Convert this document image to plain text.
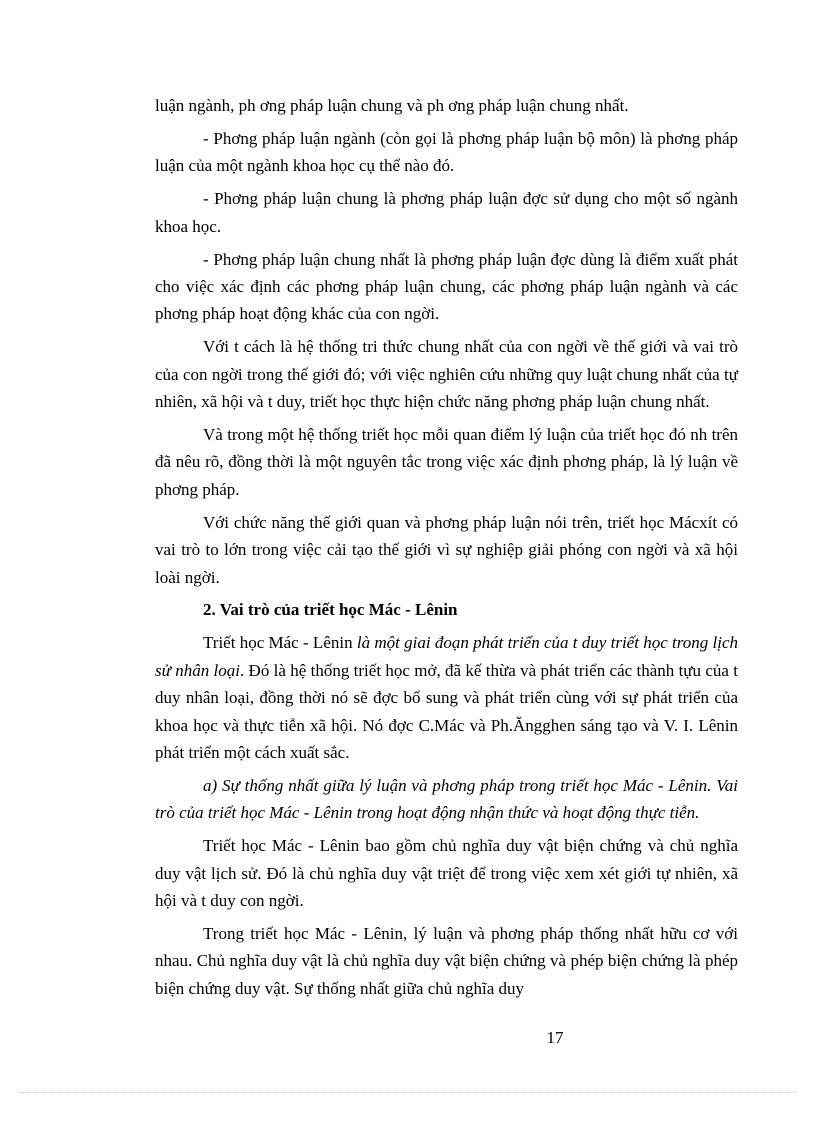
luận ngành, ph ơng pháp luận chung và ph ơng pháp luận chung nhất.

- Phơng pháp luận ngành (còn gọi là phơng pháp luận bộ môn) là phơng pháp luận của một ngành khoa học cụ thể nào đó.

- Phơng pháp luận chung là phơng pháp luận đợc sử dụng cho một số ngành khoa học.

- Phơng pháp luận chung nhất là phơng pháp luận đợc dùng là điểm xuất phát cho việc xác định các phơng pháp luận chung, các phơng pháp luận ngành và các phơng pháp hoạt động khác của con ngời.

Với t cách là hệ thống tri thức chung nhất của con ngời về thế giới và vai trò của con ngời trong thế giới đó; với việc nghiên cứu những quy luật chung nhất của tự nhiên, xã hội và t duy, triết học thực hiện chức năng phơng pháp luận chung nhất.

Và trong một hệ thống triết học mỗi quan điểm lý luận của triết học đó nh trên đã nêu rõ, đồng thời là một nguyên tắc trong việc xác định phơng pháp, là lý luận về phơng pháp.

Với chức năng thế giới quan và phơng pháp luận nói trên, triết học Mácxít có vai trò to lớn trong việc cải tạo thế giới vì sự nghiệp giải phóng con ngời và xã hội loài ngời.

2. Vai trò của triết học Mác - Lênin

Triết học Mác - Lênin là một giai đoạn phát triển của t duy triết học trong lịch sử nhân loại. Đó là hệ thống triết học mở, đã kế thừa và phát triển các thành tựu của t duy nhân loại, đồng thời nó sẽ đợc bổ sung và phát triển cùng với sự phát triển của khoa học và thực tiễn xã hội. Nó đợc C.Mác và Ph.Ăngghen sáng tạo và V. I. Lênin phát triển một cách xuất sắc.

a) Sự thống nhất giữa lý luận và phơng pháp trong triết học Mác - Lênin. Vai trò của triết học Mác - Lênin trong hoạt động nhận thức và hoạt động thực tiễn.

Triết học Mác - Lênin bao gồm chủ nghĩa duy vật biện chứng và chủ nghĩa duy vật lịch sử. Đó là chủ nghĩa duy vật triệt để trong việc xem xét giới tự nhiên, xã hội và t duy con ngời.

Trong triết học Mác - Lênin, lý luận và phơng pháp thống nhất hữu cơ với nhau. Chủ nghĩa duy vật là chủ nghĩa duy vật biện chứng và phép biện chứng là phép biện chứng duy vật. Sự thống nhất giữa chủ nghĩa duy

17
